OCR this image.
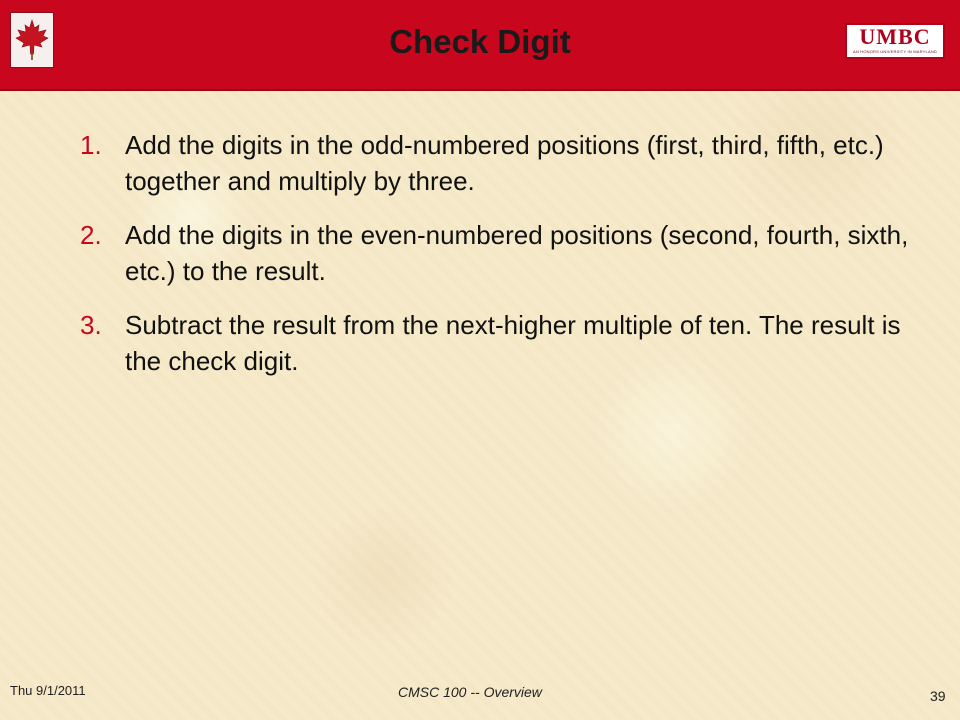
Check Digit	UMBC
AN HONORS UNIVERSITY IN MARYLAND
1. Add the digits in the odd-numbered positions (first, third, fifth, etc.) together and multiply by three.
2. Add the digits in the even-numbered positions (second, fourth, sixth, etc.) to the result.
3. Subtract the result from the next-higher multiple of ten. The result is the check digit.
Thu 9/1/2011	CMSC 100 -- Overview	39
